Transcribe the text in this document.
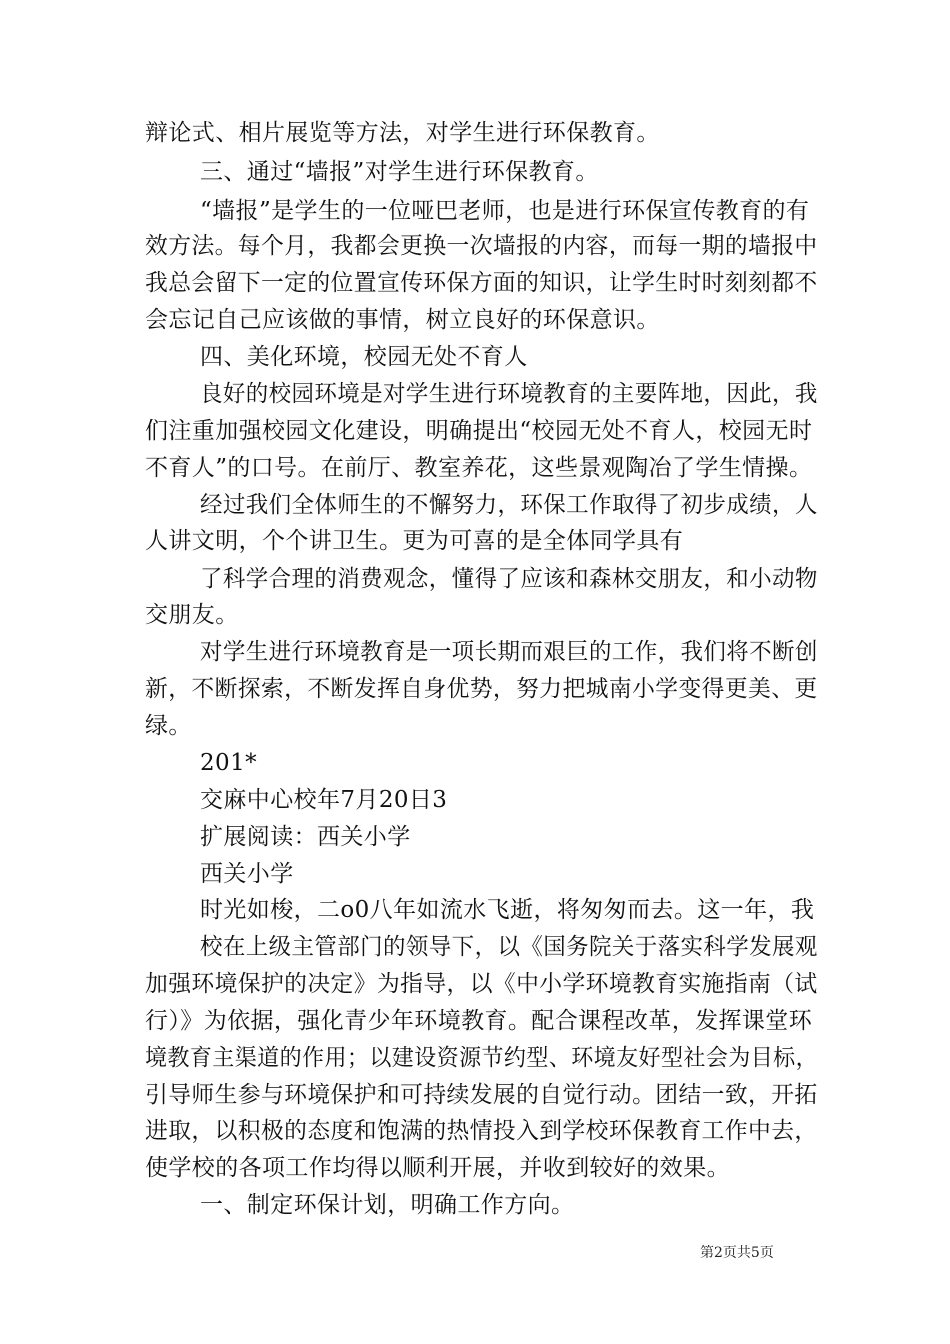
辩论式、相片展览等方法，对学生进行环保教育。
三、通过“墙报”对学生进行环保教育。
“墙报”是学生的一位哑巴老师，也是进行环保宣传教育的有
效方法。每个月，我都会更换一次墙报的内容，而每一期的墙报中
我总会留下一定的位置宣传环保方面的知识，让学生时时刻刻都不
会忘记自己应该做的事情，树立良好的环保意识。
四、美化环境，校园无处不育人
良好的校园环境是对学生进行环境教育的主要阵地，因此，我
们注重加强校园文化建设，明确提出“校园无处不育人，校园无时
不育人”的口号。在前厅、教室养花，这些景观陶冶了学生情操。
经过我们全体师生的不懈努力，环保工作取得了初步成绩，人
人讲文明，个个讲卫生。更为可喜的是全体同学具有
了科学合理的消费观念，懂得了应该和森林交朋友，和小动物
交朋友。
对学生进行环境教育是一项长期而艰巨的工作，我们将不断创
新，不断探索，不断发挥自身优势，努力把城南小学变得更美、更
绿。
201*
交麻中心校年7月20日3
扩展阅读：西关小学
西关小学
时光如梭，二o0八年如流水飞逝，将匆匆而去。这一年，我
校在上级主管部门的领导下，以《国务院关于落实科学发展观
加强环境保护的决定》为指导，以《中小学环境教育实施指南（试
行）》为依据，强化青少年环境教育。配合课程改革，发挥课堂环
境教育主渠道的作用；以建设资源节约型、环境友好型社会为目标，
引导师生参与环境保护和可持续发展的自觉行动。团结一致，开拓
进取，以积极的态度和饱满的热情投入到学校环保教育工作中去，
使学校的各项工作均得以顺利开展，并收到较好的效果。
一、制定环保计划，明确工作方向。
第2页共5页
